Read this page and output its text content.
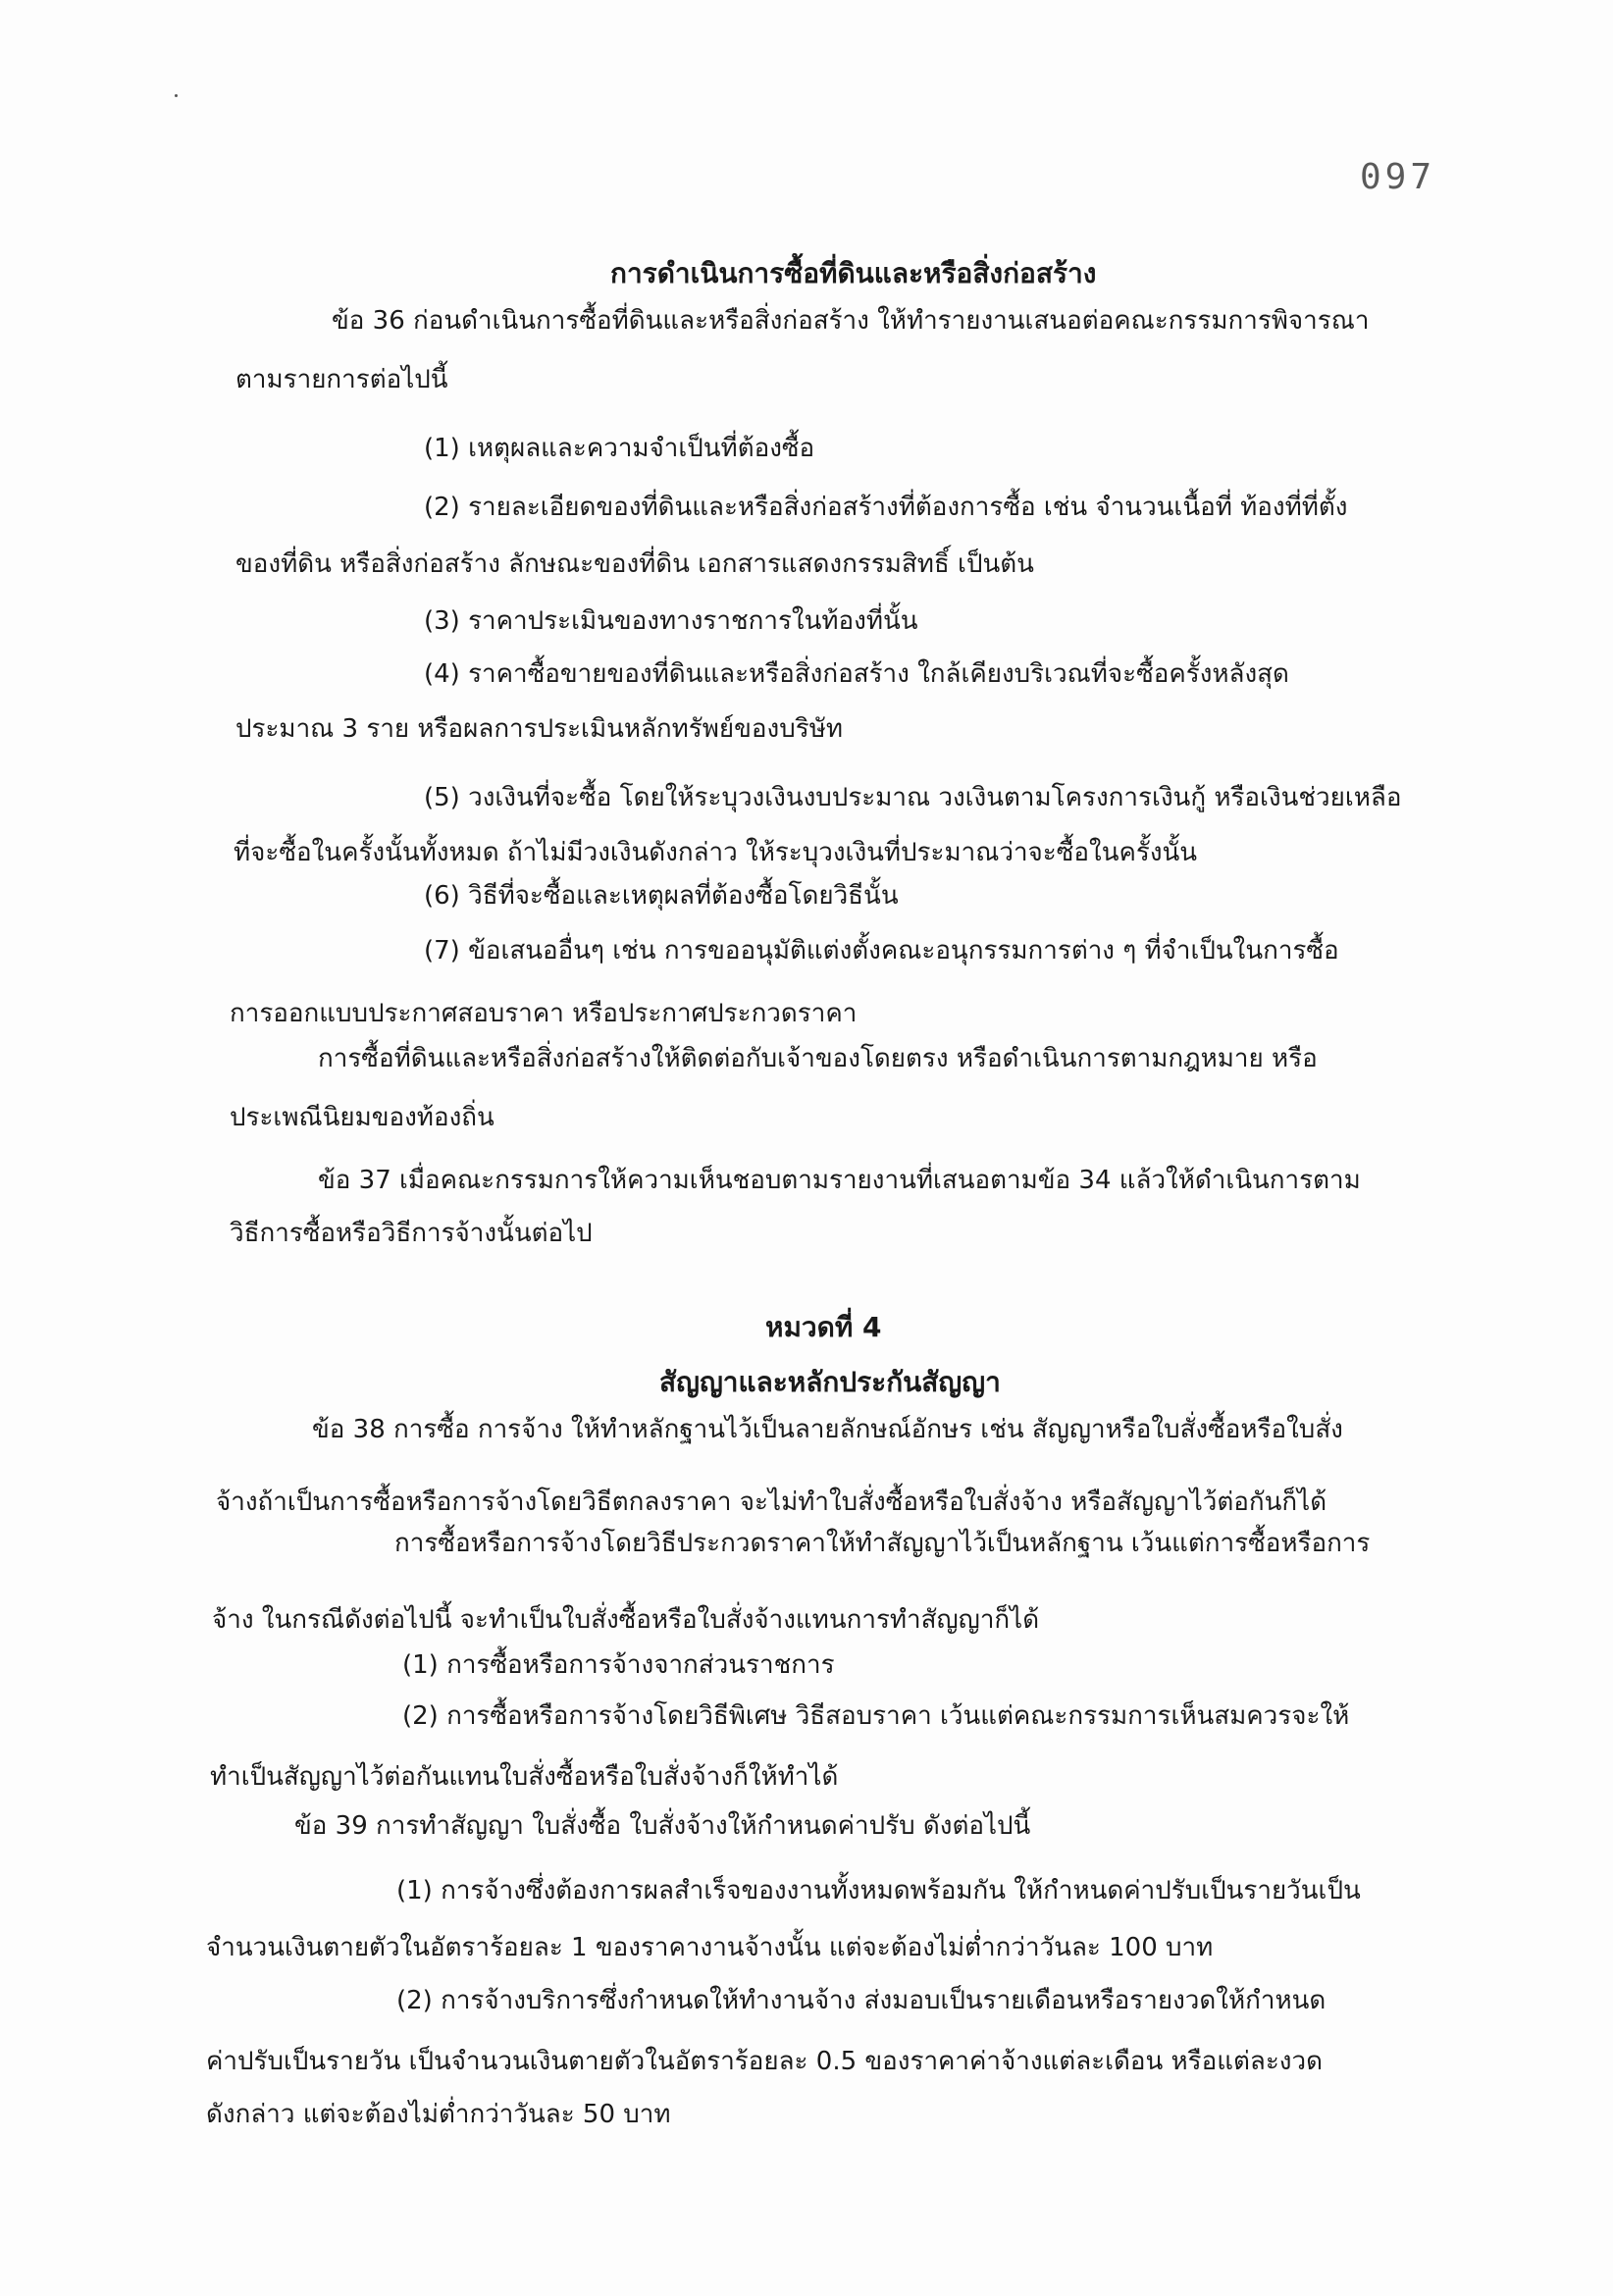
097
การดำเนินการซื้อที่ดินและหรือสิ่งก่อสร้าง
ข้อ 36 ก่อนดำเนินการซื้อที่ดินและหรือสิ่งก่อสร้าง ให้ทำรายงานเสนอต่อคณะกรรมการพิจารณา
ตามรายการต่อไปนี้
(1) เหตุผลและความจำเป็นที่ต้องซื้อ
(2) รายละเอียดของที่ดินและหรือสิ่งก่อสร้างที่ต้องการซื้อ เช่น จำนวนเนื้อที่ ท้องที่ที่ตั้ง
ของที่ดิน หรือสิ่งก่อสร้าง ลักษณะของที่ดิน เอกสารแสดงกรรมสิทธิ์ เป็นต้น
(3) ราคาประเมินของทางราชการในท้องที่นั้น
(4) ราคาซื้อขายของที่ดินและหรือสิ่งก่อสร้าง ใกล้เคียงบริเวณที่จะซื้อครั้งหลังสุด
ประมาณ 3 ราย หรือผลการประเมินหลักทรัพย์ของบริษัท
(5) วงเงินที่จะซื้อ โดยให้ระบุวงเงินงบประมาณ วงเงินตามโครงการเงินกู้ หรือเงินช่วยเหลือ
ที่จะซื้อในครั้งนั้นทั้งหมด ถ้าไม่มีวงเงินดังกล่าว ให้ระบุวงเงินที่ประมาณว่าจะซื้อในครั้งนั้น
(6) วิธีที่จะซื้อและเหตุผลที่ต้องซื้อโดยวิธีนั้น
(7) ข้อเสนออื่นๆ เช่น การขออนุมัติแต่งตั้งคณะอนุกรรมการต่าง ๆ ที่จำเป็นในการซื้อ
การออกแบบประกาศสอบราคา หรือประกาศประกวดราคา
การซื้อที่ดินและหรือสิ่งก่อสร้างให้ติดต่อกับเจ้าของโดยตรง หรือดำเนินการตามกฎหมาย หรือ
ประเพณีนิยมของท้องถิ่น
ข้อ 37 เมื่อคณะกรรมการให้ความเห็นชอบตามรายงานที่เสนอตามข้อ 34 แล้วให้ดำเนินการตาม
วิธีการซื้อหรือวิธีการจ้างนั้นต่อไป
หมวดที่ 4
สัญญาและหลักประกันสัญญา
ข้อ 38 การซื้อ การจ้าง ให้ทำหลักฐานไว้เป็นลายลักษณ์อักษร เช่น สัญญาหรือใบสั่งซื้อหรือใบสั่ง
จ้างถ้าเป็นการซื้อหรือการจ้างโดยวิธีตกลงราคา จะไม่ทำใบสั่งซื้อหรือใบสั่งจ้าง หรือสัญญาไว้ต่อกันก็ได้
การซื้อหรือการจ้างโดยวิธีประกวดราคาให้ทำสัญญาไว้เป็นหลักฐาน เว้นแต่การซื้อหรือการ
จ้าง ในกรณีดังต่อไปนี้ จะทำเป็นใบสั่งซื้อหรือใบสั่งจ้างแทนการทำสัญญาก็ได้
(1) การซื้อหรือการจ้างจากส่วนราชการ
(2) การซื้อหรือการจ้างโดยวิธีพิเศษ วิธีสอบราคา เว้นแต่คณะกรรมการเห็นสมควรจะให้
ทำเป็นสัญญาไว้ต่อกันแทนใบสั่งซื้อหรือใบสั่งจ้างก็ให้ทำได้
ข้อ 39 การทำสัญญา ใบสั่งซื้อ ใบสั่งจ้างให้กำหนดค่าปรับ ดังต่อไปนี้
(1) การจ้างซึ่งต้องการผลสำเร็จของงานทั้งหมดพร้อมกัน ให้กำหนดค่าปรับเป็นรายวันเป็น
จำนวนเงินตายตัวในอัตราร้อยละ 1 ของราคางานจ้างนั้น แต่จะต้องไม่ต่ำกว่าวันละ 100 บาท
(2) การจ้างบริการซึ่งกำหนดให้ทำงานจ้าง ส่งมอบเป็นรายเดือนหรือรายงวดให้กำหนด
ค่าปรับเป็นรายวัน เป็นจำนวนเงินตายตัวในอัตราร้อยละ 0.5 ของราคาค่าจ้างแต่ละเดือน หรือแต่ละงวด
ดังกล่าว แต่จะต้องไม่ต่ำกว่าวันละ 50 บาท
